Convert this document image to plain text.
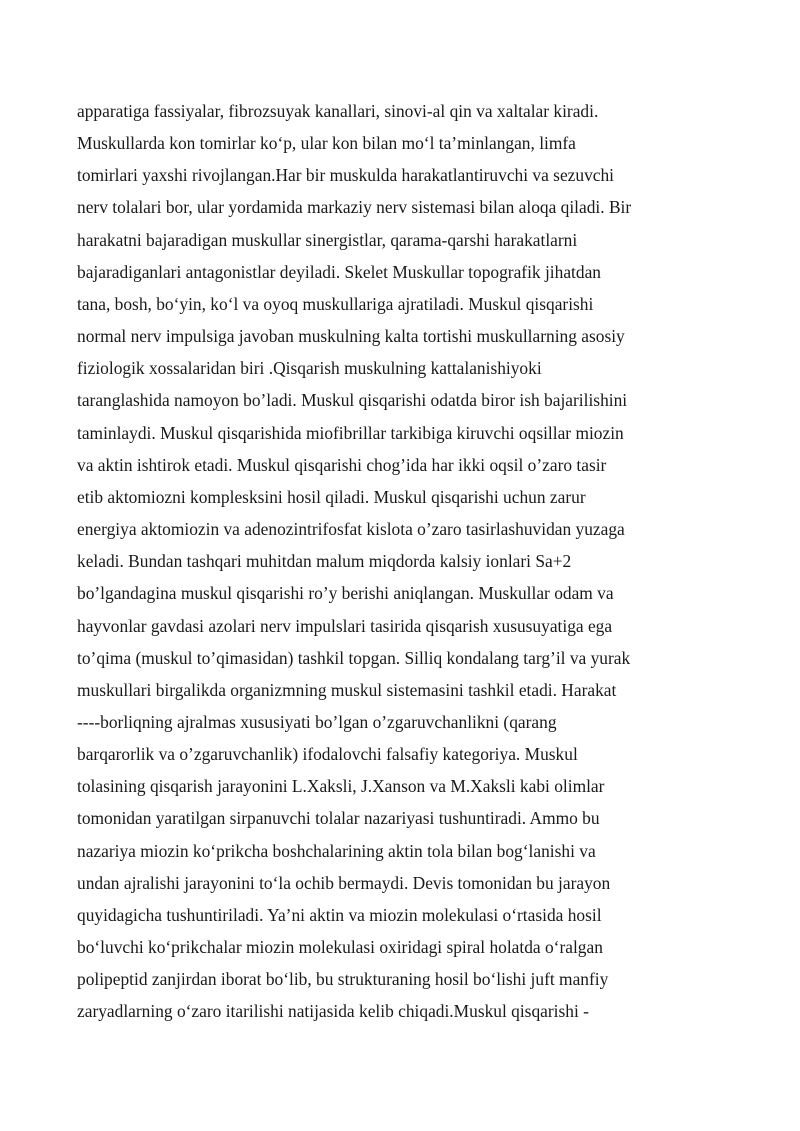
apparatiga fassiyalar, fibrozsuyak kanallari, sinovi-al qin va xaltalar kiradi.
Muskullarda kon tomirlar ko‘p, ular kon bilan mo‘l ta’minlangan, limfa
tomirlari yaxshi rivojlangan.Har bir muskulda harakatlantiruvchi va sezuvchi
nerv tolalari bor, ular yordamida markaziy nerv sistemasi bilan aloqa qiladi. Bir
harakatni bajaradigan muskullar sinergistlar, qarama-qarshi harakatlarni
bajaradiganlari antagonistlar deyiladi. Skelet Muskullar topografik jihatdan
tana, bosh, bo‘yin, ko‘l va oyoq muskullariga ajratiladi. Muskul qisqarishi
normal nerv impulsiga javoban muskulning kalta tortishi muskullarning asosiy
fiziologik xossalaridan biri .Qisqarish muskulning kattalanishiyoki
taranglashida namoyon bo’ladi. Muskul qisqarishi odatda biror ish bajarilishini
taminlaydi. Muskul qisqarishida miofibrillar tarkibiga kiruvchi oqsillar miozin
va aktin ishtirok etadi. Muskul qisqarishi chog’ida har ikki oqsil o’zaro tasir
etib aktomiozni komplesksini hosil qiladi. Muskul qisqarishi uchun zarur
energiya aktomiozin va adenozintrifosfat kislota o’zaro tasirlashuvidan yuzaga
keladi. Bundan tashqari muhitdan malum miqdorda kalsiy ionlari Sa+2
bo’lgandagina muskul qisqarishi ro’y berishi aniqlangan. Muskullar odam va
hayvonlar gavdasi azolari nerv impulslari tasirida qisqarish xususuyatiga ega
to’qima (muskul to’qimasidan) tashkil topgan. Silliq kondalang targ’il va yurak
muskullari birgalikda organizmning muskul sistemasini tashkil etadi. Harakat
----borliqning ajralmas xususiyati bo’lgan o’zgaruvchanlikni (qarang
barqarorlik va o’zgaruvchanlik) ifodalovchi falsafiy kategoriya. Muskul
tolasining qisqarish jarayonini L.Xaksli, J.Xanson va M.Xaksli kabi olimlar
tomonidan yaratilgan sirpanuvchi tolalar nazariyasi tushuntiradi. Ammo bu
nazariya miozin ko‘prikcha boshchalarining aktin tola bilan bog‘lanishi va
undan ajralishi jarayonini to‘la ochib bermaydi. Devis tomonidan bu jarayon
quyidagicha tushuntiriladi. Ya’ni aktin va miozin molekulasi o‘rtasida hosil
bo‘luvchi ko‘prikchalar miozin molekulasi oxiridagi spiral holatda o‘ralgan
polipeptid zanjirdan iborat bo‘lib, bu strukturaning hosil bo‘lishi juft manfiy
zaryadlarning o‘zaro itarilishi natijasida kelib chiqadi.Muskul qisqarishi -
